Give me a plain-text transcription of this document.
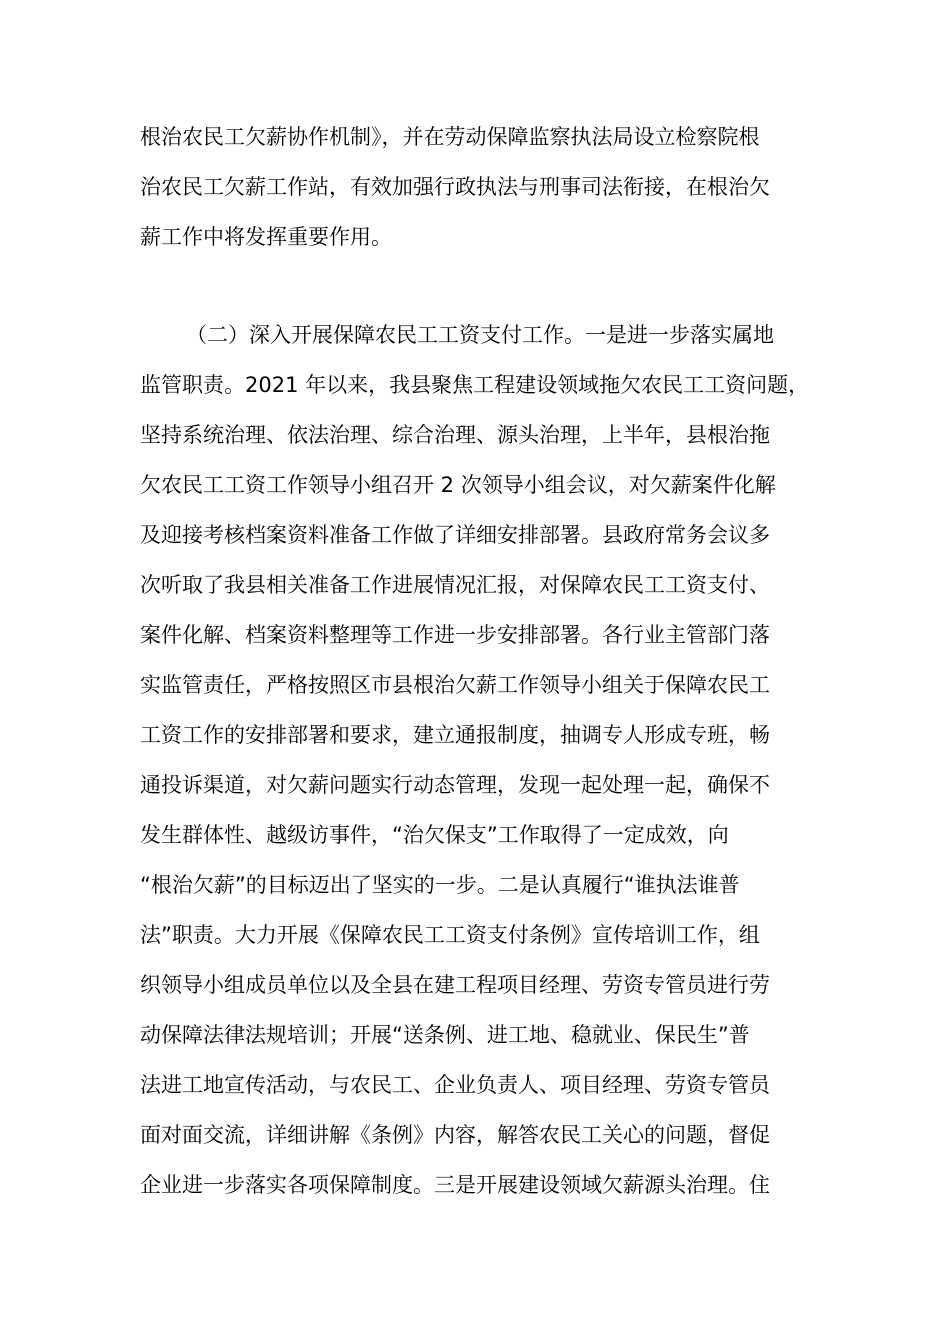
根治农民工欠薪协作机制》，并在劳动保障监察执法局设立检察院根
治农民工欠薪工作站，有效加强行政执法与刑事司法衔接，在根治欠
薪工作中将发挥重要作用。
（二）深入开展保障农民工工资支付工作。一是进一步落实属地
监管职责。2021 年以来，我县聚焦工程建设领域拖欠农民工工资问题，
坚持系统治理、依法治理、综合治理、源头治理，上半年，县根治拖
欠农民工工资工作领导小组召开 2 次领导小组会议，对欠薪案件化解
及迎接考核档案资料准备工作做了详细安排部署。县政府常务会议多
次听取了我县相关准备工作进展情况汇报，对保障农民工工资支付、
案件化解、档案资料整理等工作进一步安排部署。各行业主管部门落
实监管责任，严格按照区市县根治欠薪工作领导小组关于保障农民工
工资工作的安排部署和要求，建立通报制度，抽调专人形成专班，畅
通投诉渠道，对欠薪问题实行动态管理，发现一起处理一起，确保不
发生群体性、越级访事件，“治欠保支”工作取得了一定成效，向
“根治欠薪”的目标迈出了坚实的一步。二是认真履行“谁执法谁普
法”职责。大力开展《保障农民工工资支付条例》宣传培训工作，组
织领导小组成员单位以及全县在建工程项目经理、劳资专管员进行劳
动保障法律法规培训；开展“送条例、进工地、稳就业、保民生”普
法进工地宣传活动，与农民工、企业负责人、项目经理、劳资专管员
面对面交流，详细讲解《条例》内容，解答农民工关心的问题，督促
企业进一步落实各项保障制度。三是开展建设领域欠薪源头治理。住
